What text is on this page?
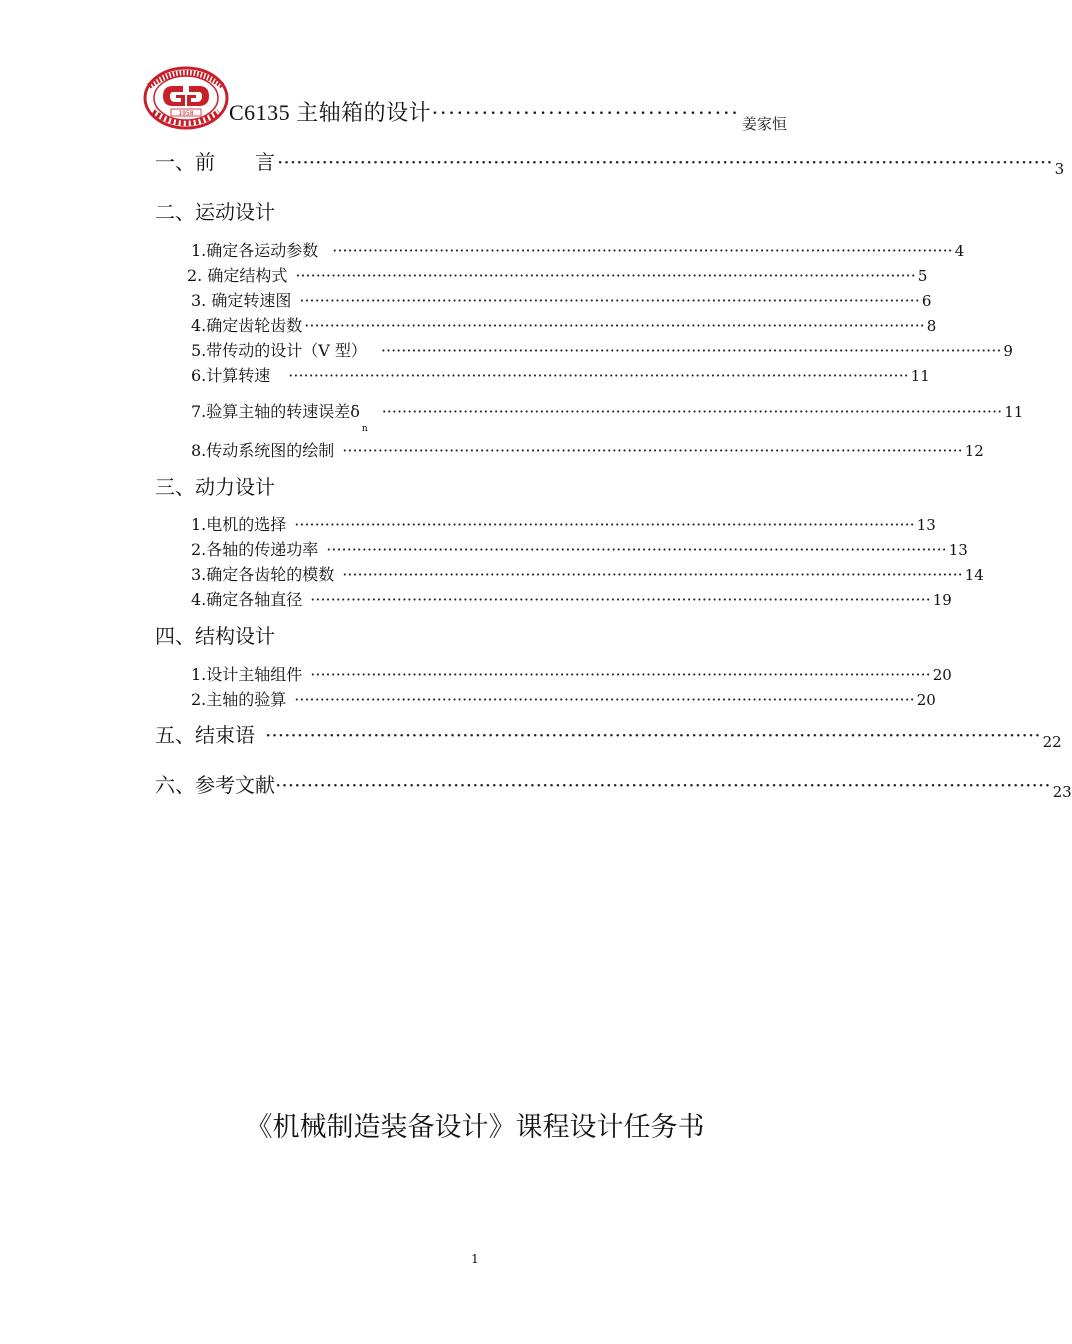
1958 C6135 主轴箱的设计····································· 姜家恒
一、前　　言 ·························································································································· 3
二、运动设计
1.确定各运动参数 ·························································································································· 4
2. 确定结构式 ·························································································································· 5
3. 确定转速图 ·························································································································· 6
4.确定齿轮齿数 ·························································································································· 8
5.带传动的设计（V 型） ·························································································································· 9
6.计算转速 ·························································································································· 11
7.验算主轴的转速误差δ
n
·························································································································· 11
8.传动系统图的绘制 ·························································································································· 12
三、动力设计
1.电机的选择 ·························································································································· 13
2.各轴的传递功率 ·························································································································· 13
3.确定各齿轮的模数 ·························································································································· 14
4.确定各轴直径 ·························································································································· 19
四、结构设计
1.设计主轴组件 ·························································································································· 20
2.主轴的验算 ·························································································································· 20
五、结束语 ·························································································································· 22
六、参考文献 ·························································································································· 23
《机械制造装备设计》课程设计任务书
1
